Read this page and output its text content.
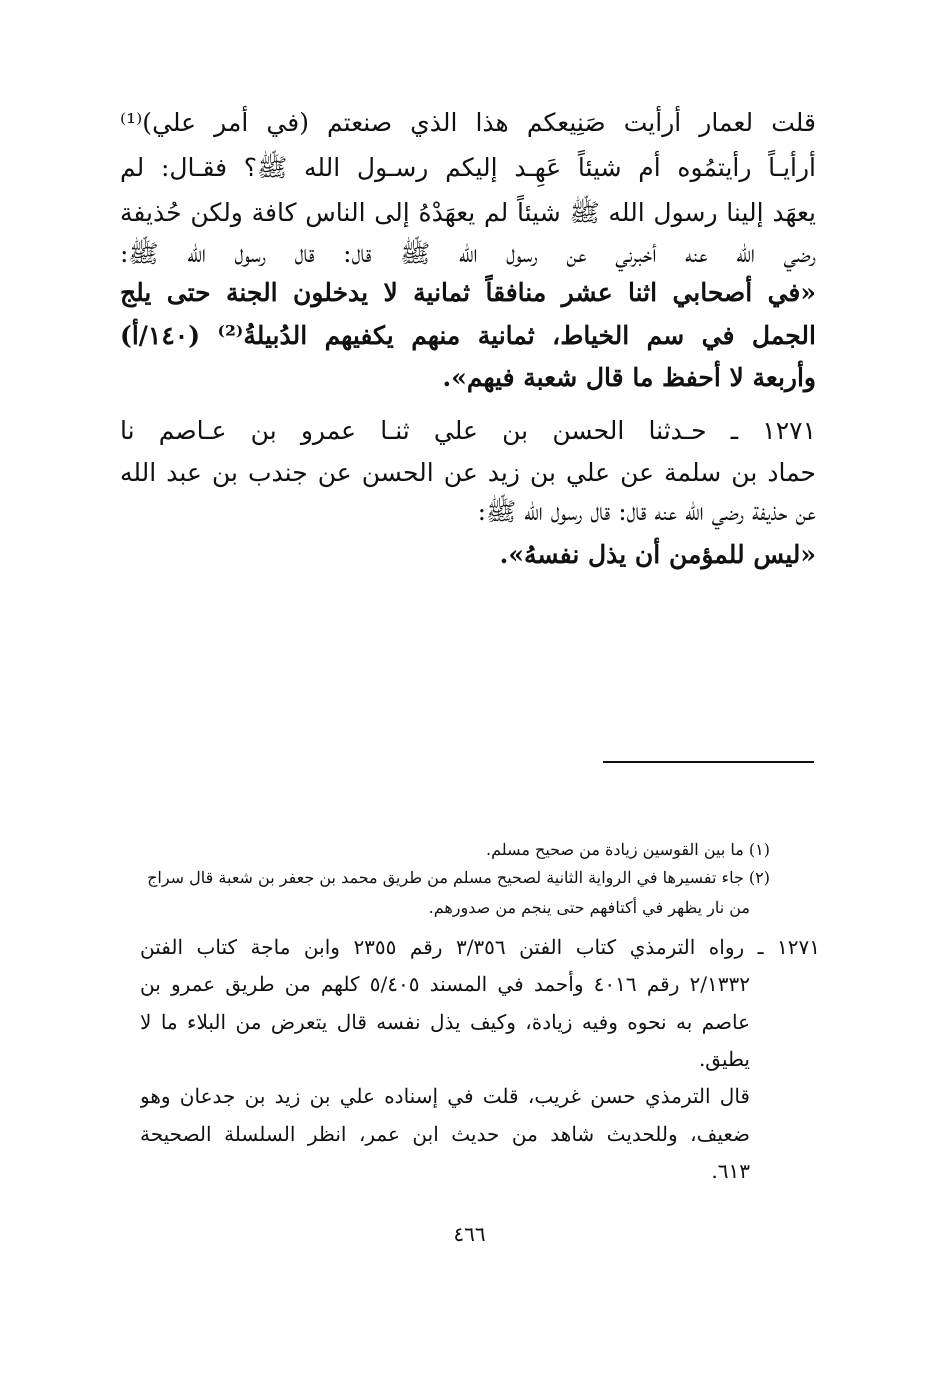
قلت لعمار أرأيت صَنِيعكم هذا الذي صنعتم (في أمر علي)⁽¹⁾
أرأيـاً رأيتمُوه أم شيئاً عَهِـد إليكم رسـول الله ﷺ؟ فقـال: لم
يعهَد إلينا رسول الله ﷺ شيئاً لم يعهَدْهُ إلى الناس كافة ولكن حُذيفة
رضي الله عنه أخبرني عن رسول الله ﷺ قال: قال رسول الله ﷺ:
«في أصحابي اثنا عشر منافقاً ثمانية لا يدخلون الجنة حتى يلج
الجمل في سم الخياط، ثمانية منهم يكفيهم الدُبيلةُ⁽²⁾ (١٤٠/أ)
وأربعة لا أحفظ ما قال شعبة فيهم».
١٢٧١ ـ حـدثنا الحسن بن علي ثنـا عمرو بن عـاصم نا
حماد بن سلمة عن علي بن زيد عن الحسن عن جندب بن عبد الله
عن حذيفة رضي الله عنه قال: قال رسول الله ﷺ:
«ليس للمؤمن أن يذل نفسهُ».
(١) ما بين القوسين زيادة من صحيح مسلم.
(٢) جاء تفسيرها في الرواية الثانية لصحيح مسلم من طريق محمد بن جعفر بن شعبة قال سراج
من نار يظهر في أكتافهم حتى ينجم من صدورهم.
١٢٧١ ـ رواه الترمذي كتاب الفتن ٣/٣٥٦ رقم ٢٣٥٥ وابن ماجة كتاب الفتن
٢/١٣٣٢ رقم ٤٠١٦ وأحمد في المسند ٥/٤٠٥ كلهم من طريق عمرو بن
عاصم به نحوه وفيه زيادة، وكيف يذل نفسه قال يتعرض من البلاء ما لا
يطيق.
قال الترمذي حسن غريب، قلت في إسناده علي بن زيد بن جدعان وهو
ضعيف، وللحديث شاهد من حديث ابن عمر، انظر السلسلة الصحيحة
٦١٣.
٤٦٦
